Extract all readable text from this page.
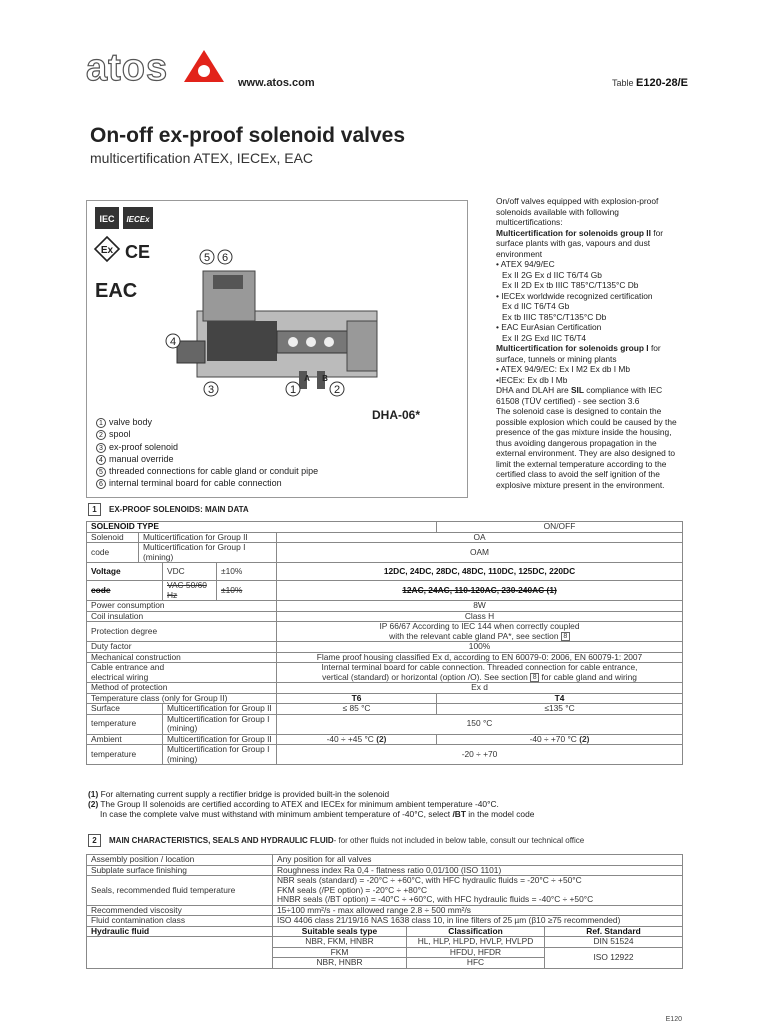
atos	www.atos.com	Table E120-28/E
On-off ex-proof solenoid valves
multicertification ATEX, IECEx, EAC
IEC IECEx
Ex CE
EAC
5 6
4
3	1	2
A B
DHA-06*
1 valve body
2 spool
3 ex-proof solenoid
4 manual override
5 threaded connections for cable gland or conduit pipe
6 internal terminal board for cable connection

On/off valves equipped with explosion-proof solenoids available with following multicertifications:

Multicertification for solenoids group II for surface plants with gas, vapours and dust environment

• ATEX 94/9/EC

Ex II 2G Ex d IIC T6/T4 Gb

Ex II 2D Ex tb IIIC T85°C/T135°C Db

• IECEx worldwide recognized certification

Ex d IIC T6/T4 Gb

Ex tb IIIC T85°C/T135°C Db

• EAC EurAsian Certification

Ex II 2G Exd IIC T6/T4

Multicertification for solenoids group I for surface, tunnels or mining plants

• ATEX 94/9/EC: Ex I M2 Ex db I Mb

•IECEx: Ex db I Mb

DHA and DLAH are SIL compliance with IEC 61508 (TÜV certified) - see section 3.6

The solenoid case is designed to contain the possible explosion which could be caused by the presence of the gas mixture inside the housing, thus avoiding dangerous propagation in the external environment. They are also designed to limit the external temperature according to the certified class to avoid the self ignition of the explosive mixture present in the environment.

1	EX-PROOF SOLENOIDS: MAIN DATA
SOLENOID TYPE					ON/OFF
Solenoid	Multicertification for Group II			OA	
code	Multicertification for Group I (mining)			OAM	
Voltage		VDC	±10%	12DC, 24DC, 28DC, 48DC, 110DC, 125DC, 220DC	
code		VAC 50/60 Hz	±10%	12AC, 24AC, 110-120AC, 230-240AC (1)	
Power consumption				8W	
Coil insulation				Class H	
Protection degree				IP 66/67 According to IEC 144 when correctly coupled
with the relevant cable gland PA*, see section 8	
Duty factor				100%	
Mechanical construction				Flame proof housing classified Ex d, according to EN 60079-0: 2006, EN 60079-1: 2007	
Cable entrance and
electrical wiring				Internal terminal board for cable connection. Threaded connection for cable entrance,
vertical (standard) or horizontal (option /O). See section 8 for cable gland and wiring	
Method of protection				Ex d	
Temperature class (only for Group II)				T6	T4
Surface		Multicertification for Group II		≤ 85 °C	≤135 °C
temperature		Multicertification for Group I (mining)		150 °C	
Ambient		Multicertification for Group II		-40 ÷ +45 °C (2)	-40 ÷ +70 °C (2)
temperature		Multicertification for Group I (mining)		-20 ÷ +70	
(1) For alternating current supply a rectifier bridge is provided built-in the solenoid
(2) The Group II solenoids are certified according to ATEX and IECEx for minimum ambient temperature -40°C.
In case the complete valve must withstand with minimum ambient temperature of -40°C, select /BT in the model code
2	MAIN CHARACTERISTICS, SEALS AND HYDRAULIC FLUID - for other fluids not included in below table, consult our technical office
Assembly position / location	Any position for all valves		
Subplate surface finishing	Roughness index Ra 0,4 - flatness ratio 0,01/100 (ISO 1101)		
Seals, recommended fluid temperature	NBR seals (standard) = -20°C ÷ +60°C, with HFC hydraulic fluids = -20°C ÷ +50°C
FKM seals (/PE option) = -20°C ÷ +80°C
HNBR seals (/BT option) = -40°C ÷ +60°C, with HFC hydraulic fluids = -40°C ÷ +50°C		
Recommended viscosity	15÷100 mm²/s - max allowed range 2.8 ÷ 500 mm²/s		
Fluid contamination class	ISO 4406 class 21/19/16 NAS 1638 class 10, in line filters of 25 µm (β10 ≥75 recommended)		
Hydraulic fluid	Suitable seals type	Classification	Ref. Standard
	NBR, FKM, HNBR	HL, HLP, HLPD, HVLP, HVLPD	DIN 51524
	FKM	HFDU, HFDR	ISO 12922
	NBR, HNBR	HFC	
E120
